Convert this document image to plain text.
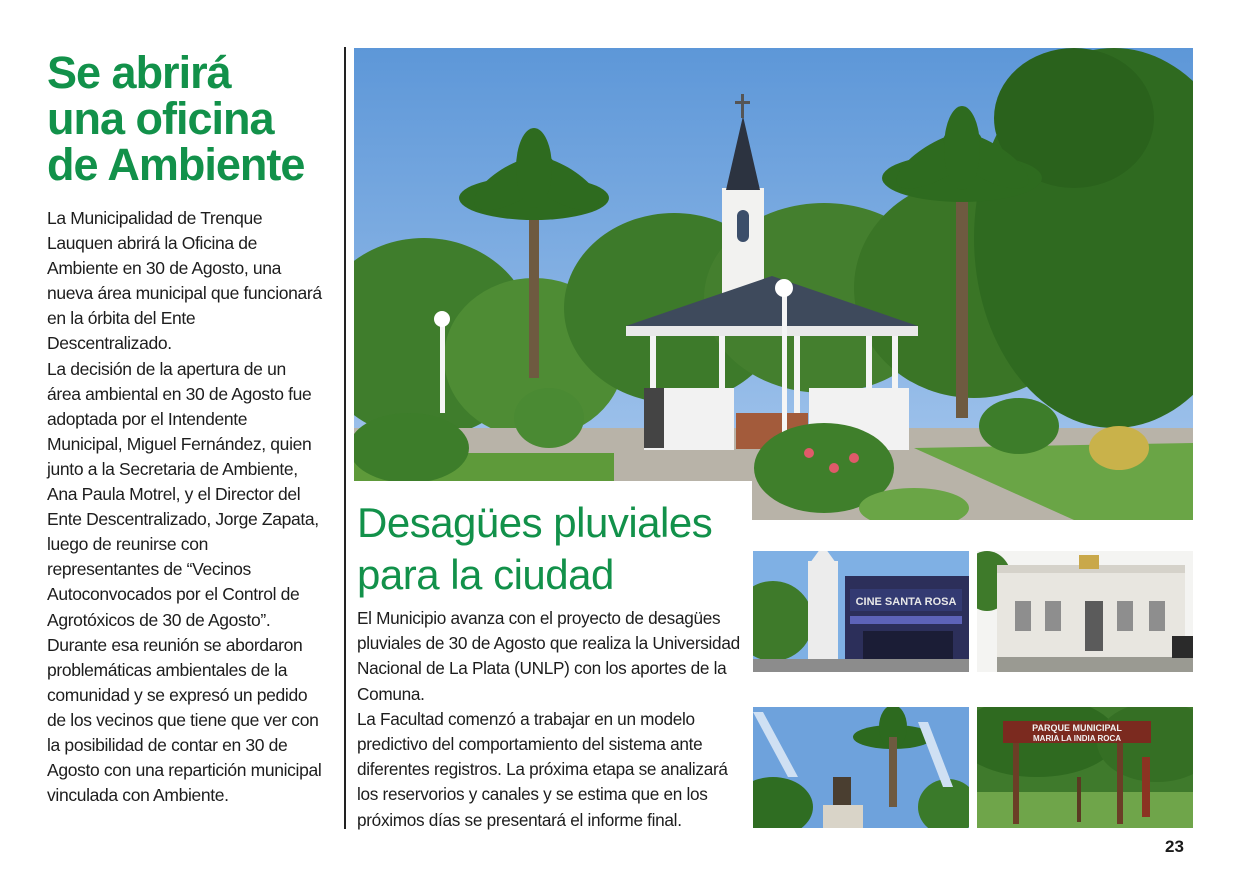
Se abrirá
una oficina
de Ambiente

La Municipalidad de Trenque Lauquen abrirá la Oficina de Ambiente en 30 de Agosto, una nueva área municipal que funcionará en la órbita del Ente Descentralizado.

La decisión de la apertura de un área ambiental en 30 de Agosto fue adoptada por el Intendente Municipal, Miguel Fernández, quien junto a la Secretaria de Ambiente, Ana Paula Motrel, y el Director del Ente Descentralizado, Jorge Zapata, luego de reunirse con representantes de “Vecinos Autoconvocados por el Control de Agrotóxicos de 30 de Agosto”.

Durante esa reunión se abordaron problemáticas ambientales de la comunidad y se expresó un pedido de los vecinos que tiene que ver con la posibilidad de contar en 30 de Agosto con una repartición municipal vinculada con Ambiente.

Desagües pluviales
para la ciudad

El Municipio avanza con el proyecto de desagües pluviales de 30 de Agosto que realiza la Universidad Nacional de La Plata (UNLP) con los aportes de la Comuna.

La Facultad comenzó a trabajar en un modelo predictivo del comportamiento del sistema ante diferentes registros. La próxima etapa se analizará los reservorios y canales y se estima que en los próximos días se presentará el informe final.

CINE SANTA ROSA
PARQUE MUNICIPAL
MARIA LA INDIA ROCA
23
